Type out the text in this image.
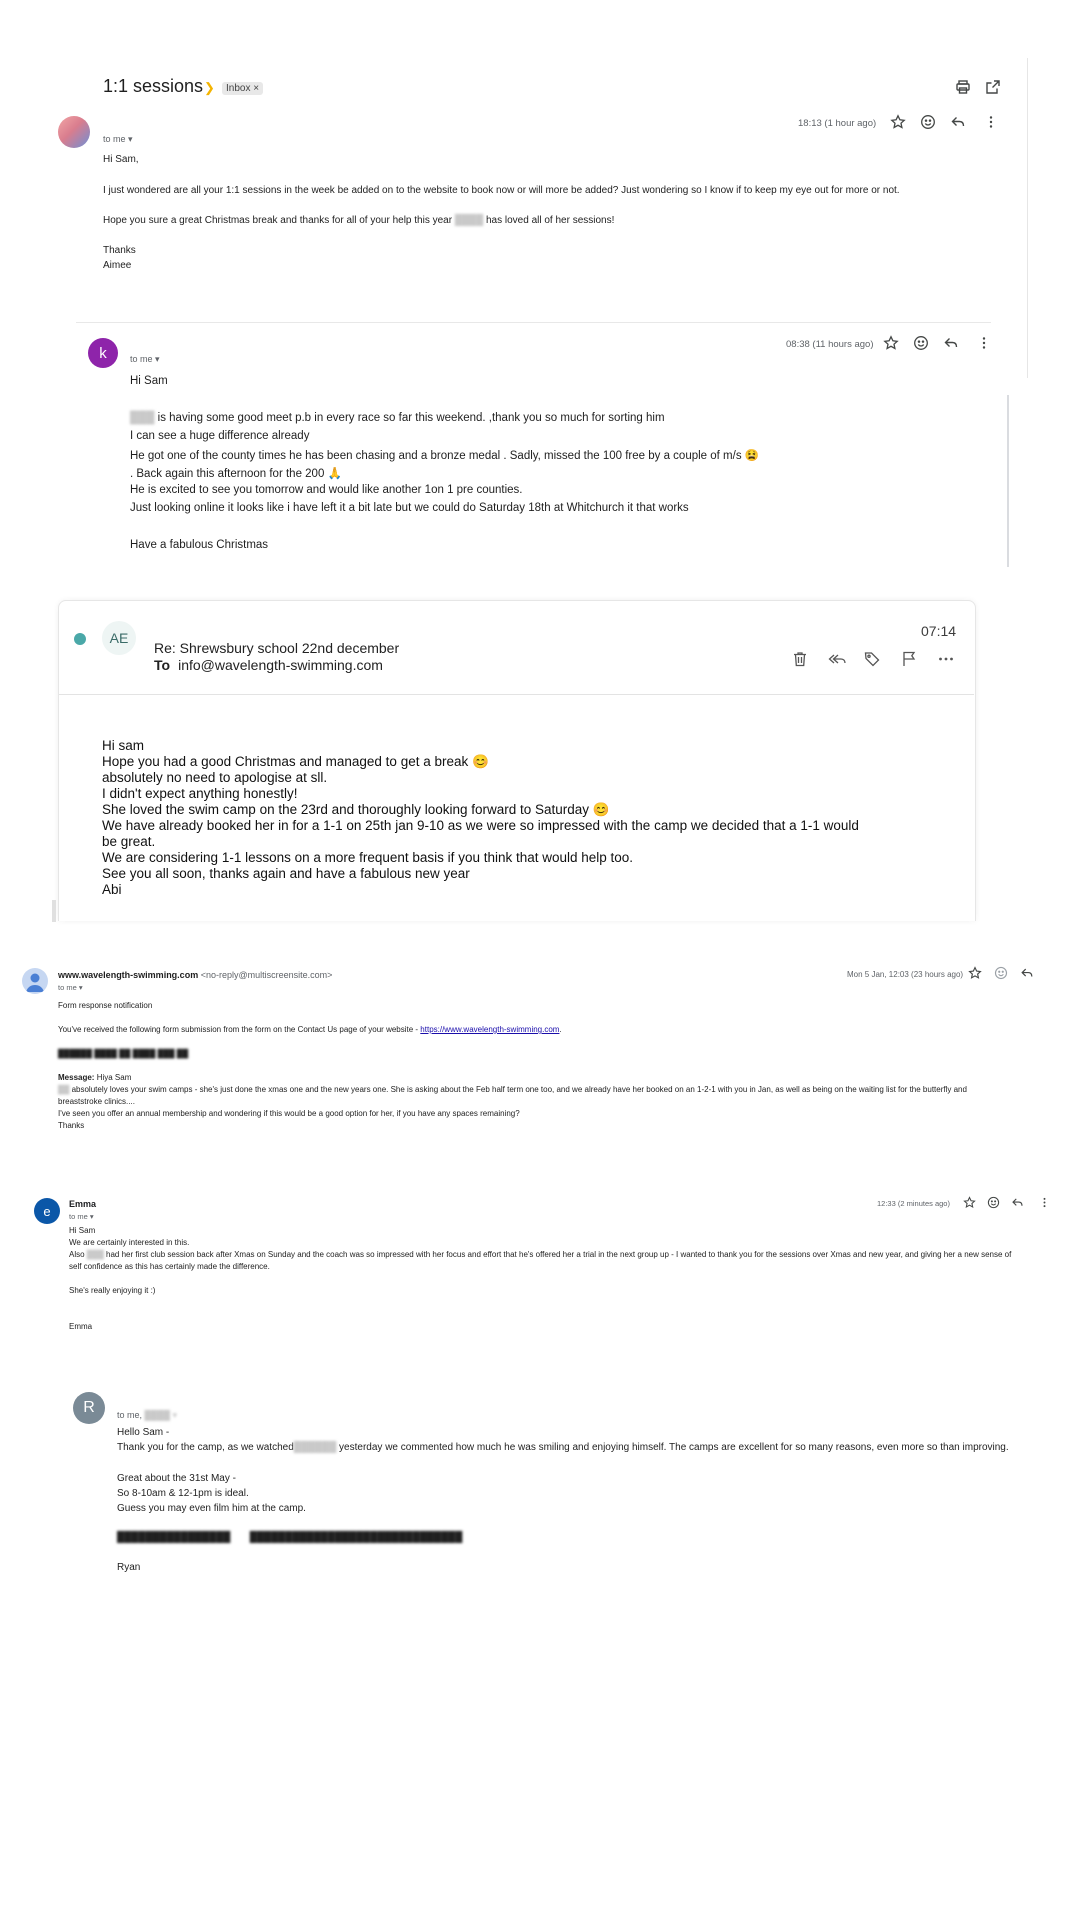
1:1 sessions ❯	Inbox ×
18:13 (1 hour ago)
to me ▾
Hi Sam,
I just wondered are all your 1:1 sessions in the week be added on to the website to book now or will more be added? Just wondering so I know if to keep my eye out for more or not.
Hope you sure a great Christmas break and thanks for all of your help this year ████ has loved all of her sessions!
Thanks
Aimee
k	08:38 (11 hours ago)
to me ▾
Hi Sam
███ is having some good meet p.b in every race so far this weekend. ,thank you so much for sorting him
I can see a huge difference already
He got one of the county times he has been chasing and a bronze medal . Sadly, missed the 100 free by a couple of m/s 😫
. Back again this afternoon for the 200 🙏
He is excited to see you tomorrow and would like another 1on 1 pre counties.
Just looking online it looks like i have left it a bit late but we could do Saturday 18th at Whitchurch it that works
Have a fabulous Christmas
AE	07:14
Re: Shrewsbury school 22nd december
To info@wavelength-swimming.com
Hi sam
Hope you had a good Christmas and managed to get a break 😊
absolutely no need to apologise at sll.
I didn't expect anything honestly!
She loved the swim camp on the 23rd and thoroughly looking forward to Saturday 😊
We have already booked her in for a 1-1 on 25th jan 9-10 as we were so impressed with the camp we decided that a 1-1 would
be great.
We are considering 1-1 lessons on a more frequent basis if you think that would help too.
See you all soon, thanks again and have a fabulous new year
Abi
www.wavelength-swimming.com <no-reply@multiscreensite.com>	Mon 5 Jan, 12:03 (23 hours ago)
to me ▾
Form response notification
You've received the following form submission from the form on the Contact Us page of your website - https://www.wavelength-swimming.com.
██████ ████ ██ ████ ███ ██
Message: Hiya Sam
██ absolutely loves your swim camps - she's just done the xmas one and the new years one. She is asking about the Feb half term one too, and we already have her booked on an 1-2-1 with you in Jan, as well as being on the waiting list for the butterfly and
breaststroke clinics....
I've seen you offer an annual membership and wondering if this would be a good option for her, if you have any spaces remaining?
Thanks
e	Emma	12:33 (2 minutes ago)
to me ▾
Hi Sam
We are certainly interested in this.
Also ███ had her first club session back after Xmas on Sunday and the coach was so impressed with her focus and effort that he's offered her a trial in the next group up - I wanted to thank you for the sessions over Xmas and new year, and giving her a new sense of
self confidence as this has certainly made the difference.
She's really enjoying it :)
Emma
R	to me, ████ ▾
Hello Sam -
Thank you for the camp, as we watched██████ yesterday we commented how much he was smiling and enjoying himself. The camps are excellent for so many reasons, even more so than improving.
Great about the 31st May -
So 8-10am & 12-1pm is ideal.
Guess you may even film him at the camp.
████████████████       ██████████████████████████████
Ryan
